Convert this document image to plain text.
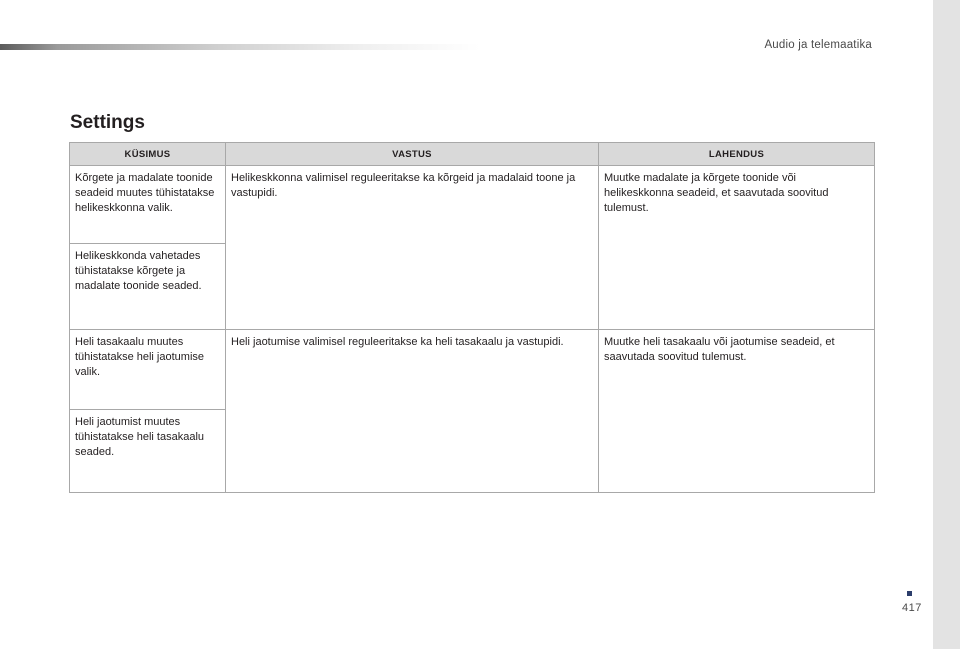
Audio ja telemaatika
Settings
KÜSIMUS	VASTUS	LAHENDUS
Kõrgete ja madalate toonide seadeid muutes tühistatakse helikeskkonna valik.	Helikeskkonna valimisel reguleeritakse ka kõrgeid ja madalaid toone ja vastupidi.	Muutke madalate ja kõrgete toonide või helikeskkonna seadeid, et saavutada soovitud tulemust.
Helikeskkonda vahetades tühistatakse kõrgete ja madalate toonide seaded.		
Heli tasakaalu muutes tühistatakse heli jaotumise valik.	Heli jaotumise valimisel reguleeritakse ka heli tasakaalu ja vastupidi.	Muutke heli tasakaalu või jaotumise seadeid, et saavutada soovitud tulemust.
Heli jaotumist muutes tühistatakse heli tasakaalu seaded.		
417
